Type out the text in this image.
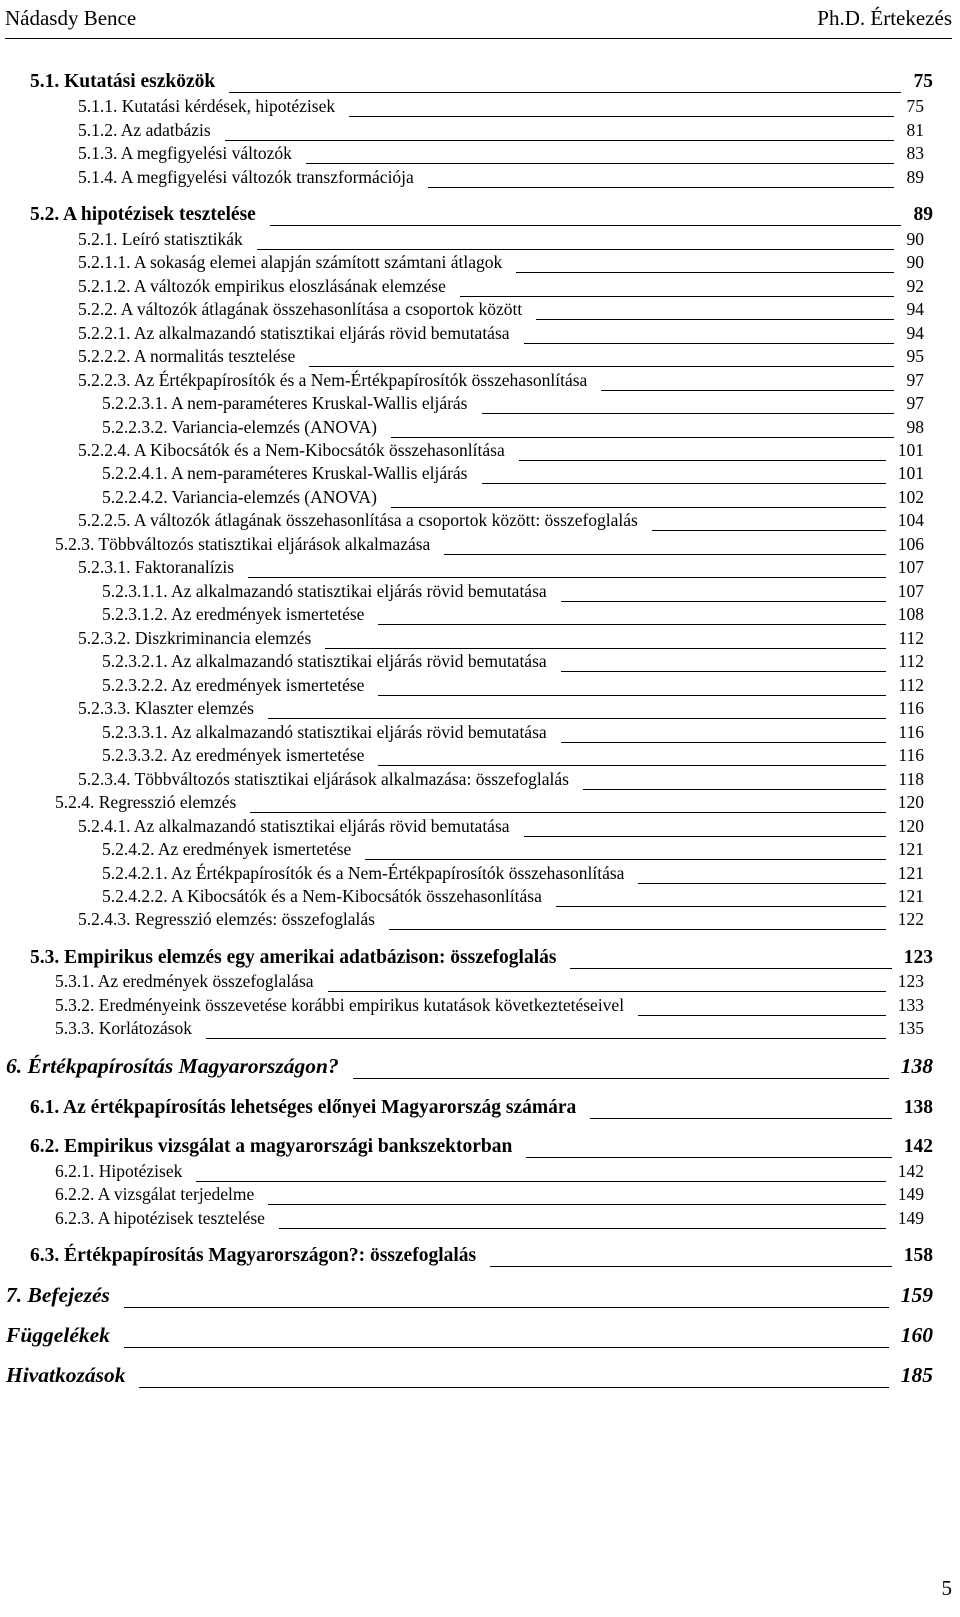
Nádasdy Bence	Ph.D. Értekezés
5.1. Kutatási eszközök	75
5.1.1. Kutatási kérdések, hipotézisek	75
5.1.2. Az adatbázis	81
5.1.3. A megfigyelési változók	83
5.1.4. A megfigyelési változók transzformációja	89
5.2. A hipotézisek tesztelése	89
5.2.1. Leíró statisztikák	90
5.2.1.1. A sokaság elemei alapján számított számtani átlagok	90
5.2.1.2. A változók empirikus eloszlásának elemzése	92
5.2.2. A változók átlagának összehasonlítása a csoportok között	94
5.2.2.1. Az alkalmazandó statisztikai eljárás rövid bemutatása	94
5.2.2.2. A normalitás tesztelése	95
5.2.2.3. Az Értékpapírosítók és a Nem-Értékpapírosítók összehasonlítása	97
5.2.2.3.1. A nem-paraméteres Kruskal-Wallis eljárás	97
5.2.2.3.2. Variancia-elemzés (ANOVA)	98
5.2.2.4. A Kibocsátók és a Nem-Kibocsátók összehasonlítása	101
5.2.2.4.1. A nem-paraméteres Kruskal-Wallis eljárás	101
5.2.2.4.2. Variancia-elemzés (ANOVA)	102
5.2.2.5. A változók átlagának összehasonlítása a csoportok között: összefoglalás	104
5.2.3. Többváltozós statisztikai eljárások alkalmazása	106
5.2.3.1. Faktoranalízis	107
5.2.3.1.1. Az alkalmazandó statisztikai eljárás rövid bemutatása	107
5.2.3.1.2. Az eredmények ismertetése	108
5.2.3.2. Diszkriminancia elemzés	112
5.2.3.2.1. Az alkalmazandó statisztikai eljárás rövid bemutatása	112
5.2.3.2.2. Az eredmények ismertetése	112
5.2.3.3. Klaszter elemzés	116
5.2.3.3.1. Az alkalmazandó statisztikai eljárás rövid bemutatása	116
5.2.3.3.2. Az eredmények ismertetése	116
5.2.3.4. Többváltozós statisztikai eljárások alkalmazása: összefoglalás	118
5.2.4. Regresszió elemzés	120
5.2.4.1. Az alkalmazandó statisztikai eljárás rövid bemutatása	120
5.2.4.2. Az eredmények ismertetése	121
5.2.4.2.1. Az Értékpapírosítók és a Nem-Értékpapírosítók összehasonlítása	121
5.2.4.2.2. A Kibocsátók és a Nem-Kibocsátók összehasonlítása	121
5.2.4.3. Regresszió elemzés: összefoglalás	122
5.3. Empirikus elemzés egy amerikai adatbázison: összefoglalás	123
5.3.1. Az eredmények összefoglalása	123
5.3.2. Eredményeink összevetése korábbi empirikus kutatások következtetéseivel	133
5.3.3. Korlátozások	135
6. Értékpapírosítás Magyarországon?	138
6.1. Az értékpapírosítás lehetséges előnyei Magyarország számára	138
6.2. Empirikus vizsgálat a magyarországi bankszektorban	142
6.2.1. Hipotézisek	142
6.2.2. A vizsgálat terjedelme	149
6.2.3. A hipotézisek tesztelése	149
6.3. Értékpapírosítás Magyarországon?: összefoglalás	158
7. Befejezés	159
Függelékek	160
Hivatkozások	185
5
